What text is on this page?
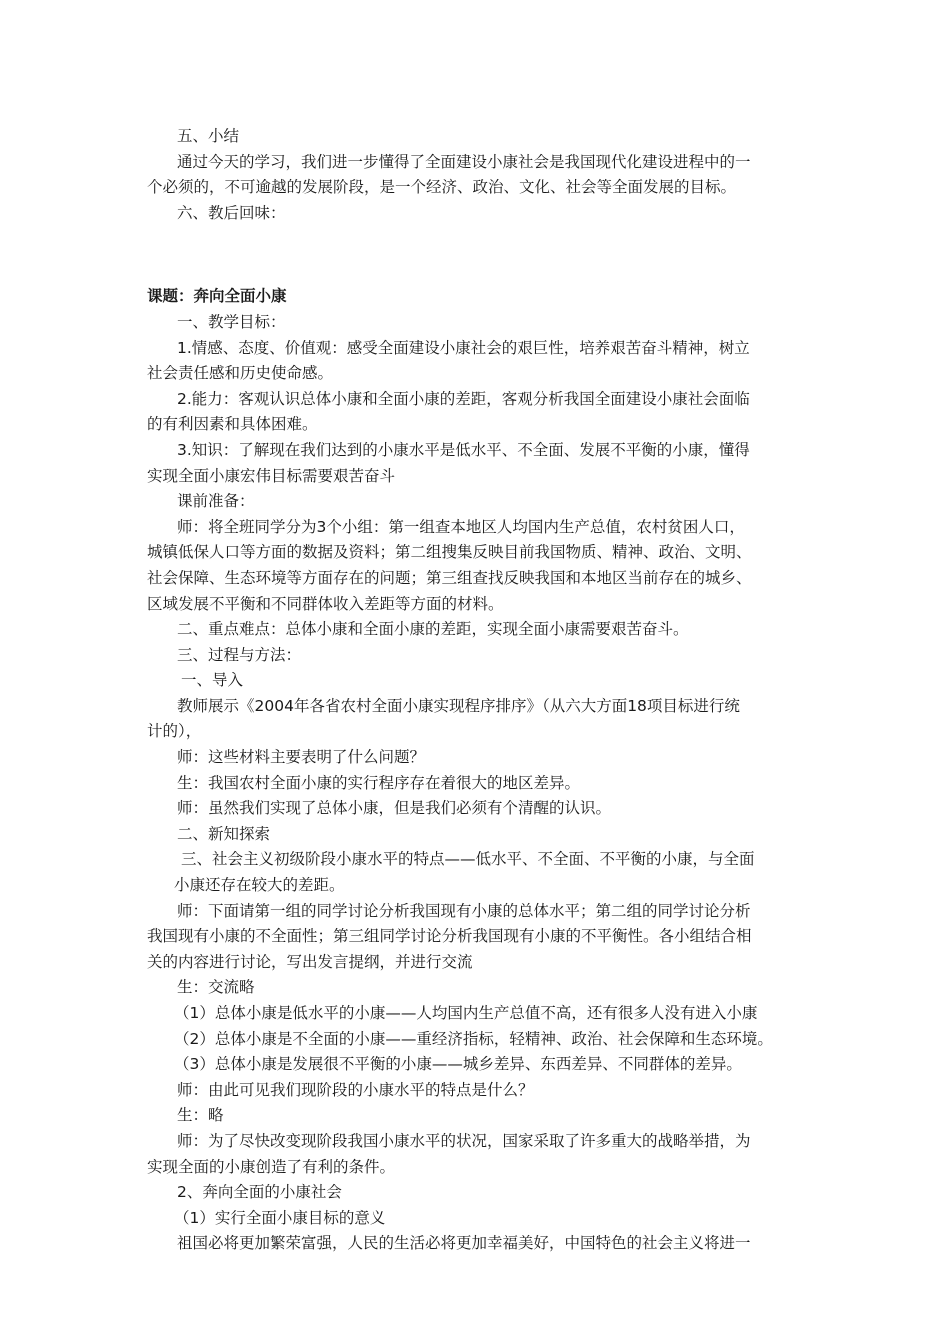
五、小结
通过今天的学习，我们进一步懂得了全面建设小康社会是我国现代化建设进程中的一
个必须的，不可逾越的发展阶段，是一个经济、政治、文化、社会等全面发展的目标。
六、教后回味：
课题：奔向全面小康
一、教学目标：
1.情感、态度、价值观：感受全面建设小康社会的艰巨性，培养艰苦奋斗精神，树立
社会责任感和历史使命感。
2.能力：客观认识总体小康和全面小康的差距，客观分析我国全面建设小康社会面临
的有利因素和具体困难。
3.知识：了解现在我们达到的小康水平是低水平、不全面、发展不平衡的小康，懂得
实现全面小康宏伟目标需要艰苦奋斗
课前准备：
师：将全班同学分为3个小组：第一组查本地区人均国内生产总值，农村贫困人口，
城镇低保人口等方面的数据及资料；第二组搜集反映目前我国物质、精神、政治、文明、
社会保障、生态环境等方面存在的问题；第三组查找反映我国和本地区当前存在的城乡、
区域发展不平衡和不同群体收入差距等方面的材料。
二、重点难点：总体小康和全面小康的差距，实现全面小康需要艰苦奋斗。
三、过程与方法：
一、导入
教师展示《2004年各省农村全面小康实现程序排序》（从六大方面18项目标进行统
计的），
师：这些材料主要表明了什么问题？
生：我国农村全面小康的实行程序存在着很大的地区差异。
师：虽然我们实现了总体小康，但是我们必须有个清醒的认识。
二、新知探索
三、社会主义初级阶段小康水平的特点——低水平、不全面、不平衡的小康，与全面
小康还存在较大的差距。
师：下面请第一组的同学讨论分析我国现有小康的总体水平；第二组的同学讨论分析
我国现有小康的不全面性；第三组同学讨论分析我国现有小康的不平衡性。各小组结合相
关的内容进行讨论，写出发言提纲，并进行交流
生：交流略
（1）总体小康是低水平的小康——人均国内生产总值不高，还有很多人没有进入小康
（2）总体小康是不全面的小康——重经济指标，轻精神、政治、社会保障和生态环境。
（3）总体小康是发展很不平衡的小康——城乡差异、东西差异、不同群体的差异。
师：由此可见我们现阶段的小康水平的特点是什么？
生：略
师：为了尽快改变现阶段我国小康水平的状况，国家采取了许多重大的战略举措，为
实现全面的小康创造了有利的条件。
2、奔向全面的小康社会
（1）实行全面小康目标的意义
祖国必将更加繁荣富强，人民的生活必将更加幸福美好，中国特色的社会主义将进一
